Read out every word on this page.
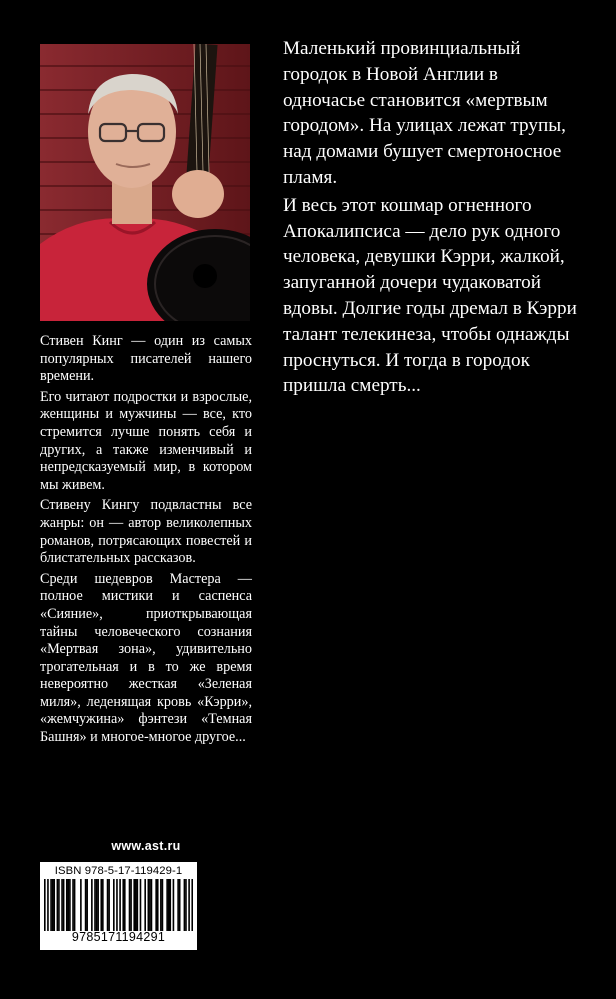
Стивен Кинг — один из самых популярных писателей нашего времени.

Его читают подростки и взрослые, женщины и мужчины — все, кто стремится лучше понять себя и других, а также изменчивый и непредсказуемый мир, в котором мы живем.

Стивену Кингу подвластны все жанры: он — автор великолепных романов, потрясающих повестей и блистательных рассказов.

Среди шедевров Мастера — полное мистики и саспенса «Сияние», приоткрывающая тайны человеческого сознания «Мертвая зона», удивительно трогательная и в то же время невероятно жесткая «Зеленая миля», леденящая кровь «Кэрри», «жемчужина» фэнтези «Темная Башня» и многое-многое другое...

Маленький провинциальный городок в Новой Англии в одночасье становится «мертвым городом». На улицах лежат трупы, над домами бушует смертоносное пламя.

И весь этот кошмар огненного Апокалипсиса — дело рук одного человека, девушки Кэрри, жалкой, запуганной дочери чудаковатой вдовы. Долгие годы дремал в Кэрри талант телекинеза, чтобы однажды проснуться. И тогда в городок пришла смерть...

www.ast.ru
ISBN 978-5-17-119429-1
9785171194291
